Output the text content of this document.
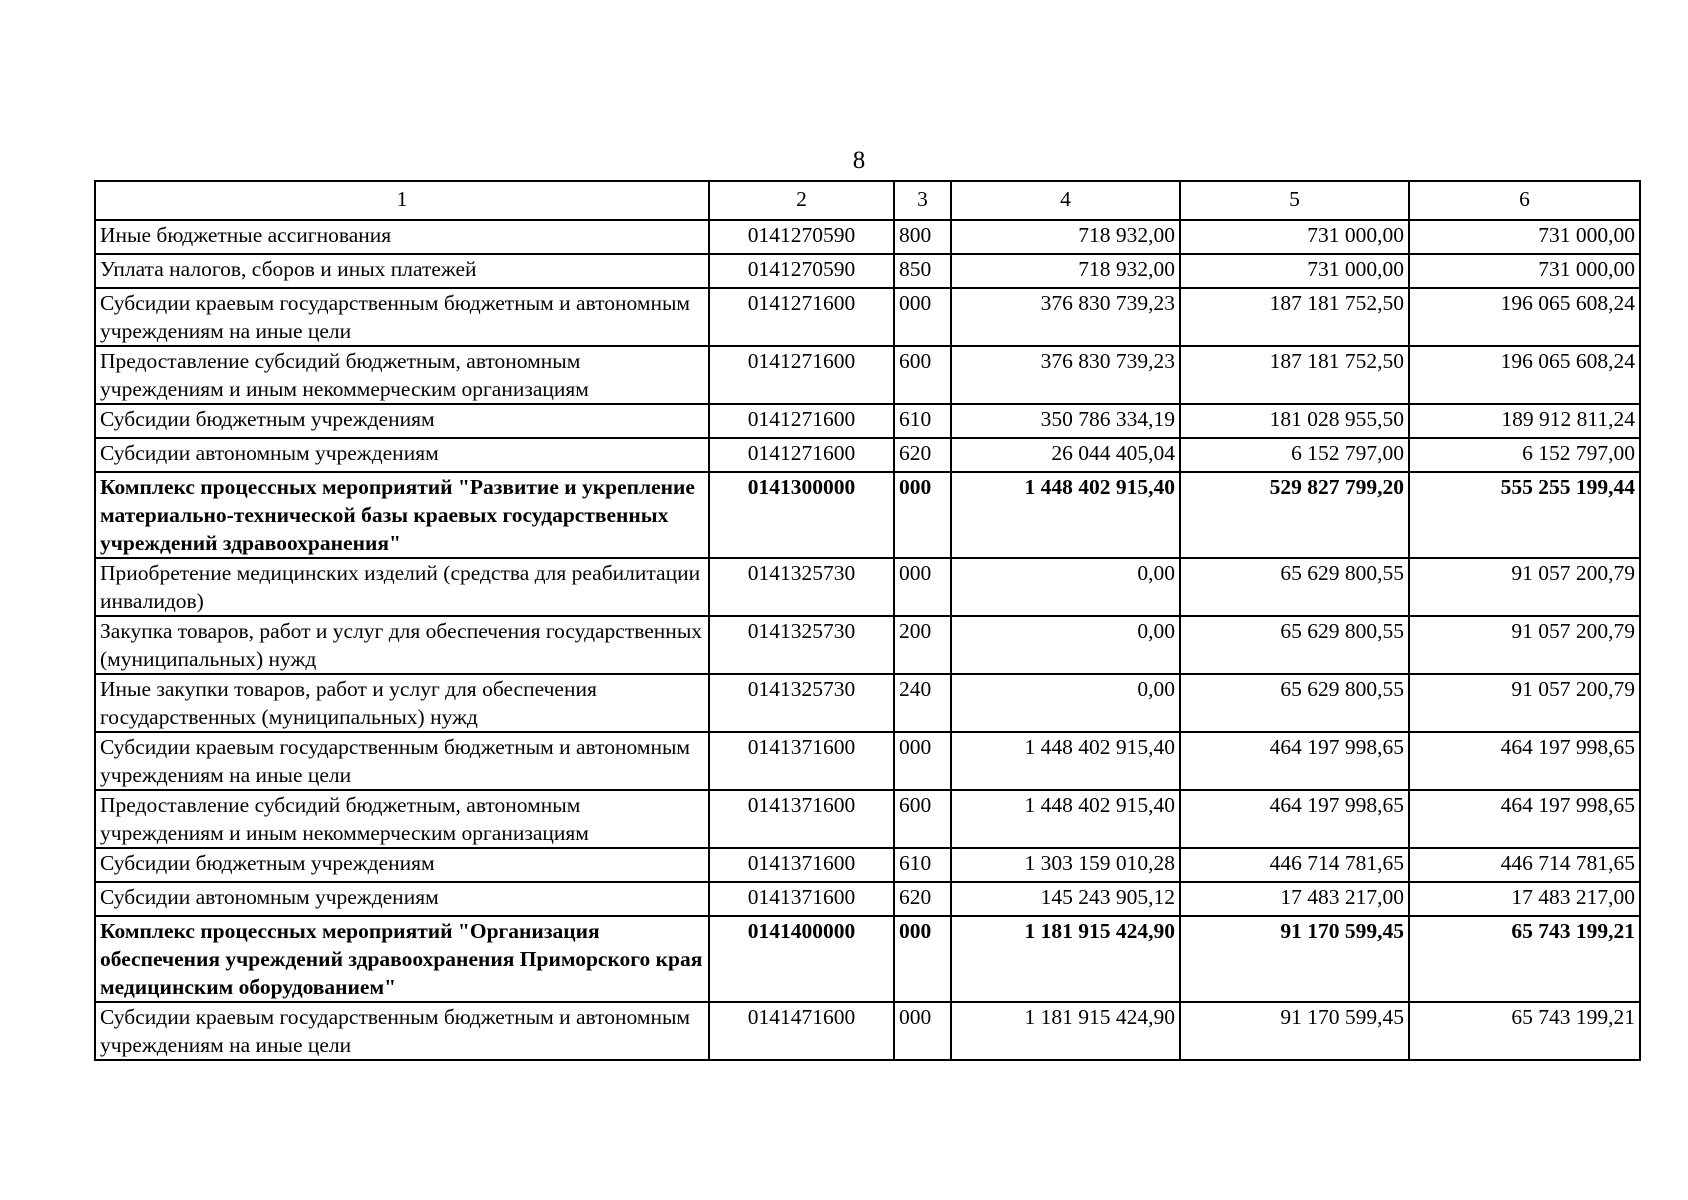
8
1	2	3	4	5	6
Иные бюджетные ассигнования	0141270590	800	718 932,00	731 000,00	731 000,00
Уплата налогов, сборов и иных платежей	0141270590	850	718 932,00	731 000,00	731 000,00
Субсидии краевым государственным бюджетным и автономным учреждениям на иные цели	0141271600	000	376 830 739,23	187 181 752,50	196 065 608,24
Предоставление субсидий бюджетным, автономным учреждениям и иным некоммерческим организациям	0141271600	600	376 830 739,23	187 181 752,50	196 065 608,24
Субсидии бюджетным учреждениям	0141271600	610	350 786 334,19	181 028 955,50	189 912 811,24
Субсидии автономным учреждениям	0141271600	620	26 044 405,04	6 152 797,00	6 152 797,00
Комплекс процессных мероприятий "Развитие и укрепление материально-технической базы краевых государственных учреждений здравоохранения"	0141300000	000	1 448 402 915,40	529 827 799,20	555 255 199,44
Приобретение медицинских изделий (средства для реабилитации инвалидов)	0141325730	000	0,00	65 629 800,55	91 057 200,79
Закупка товаров, работ и услуг для обеспечения государственных (муниципальных) нужд	0141325730	200	0,00	65 629 800,55	91 057 200,79
Иные закупки товаров, работ и услуг для обеспечения государственных (муниципальных) нужд	0141325730	240	0,00	65 629 800,55	91 057 200,79
Субсидии краевым государственным бюджетным и автономным учреждениям на иные цели	0141371600	000	1 448 402 915,40	464 197 998,65	464 197 998,65
Предоставление субсидий бюджетным, автономным учреждениям и иным некоммерческим организациям	0141371600	600	1 448 402 915,40	464 197 998,65	464 197 998,65
Субсидии бюджетным учреждениям	0141371600	610	1 303 159 010,28	446 714 781,65	446 714 781,65
Субсидии автономным учреждениям	0141371600	620	145 243 905,12	17 483 217,00	17 483 217,00
Комплекс процессных мероприятий "Организация обеспечения учреждений здравоохранения Приморского края медицинским оборудованием"	0141400000	000	1 181 915 424,90	91 170 599,45	65 743 199,21
Субсидии краевым государственным бюджетным и автономным учреждениям на иные цели	0141471600	000	1 181 915 424,90	91 170 599,45	65 743 199,21
